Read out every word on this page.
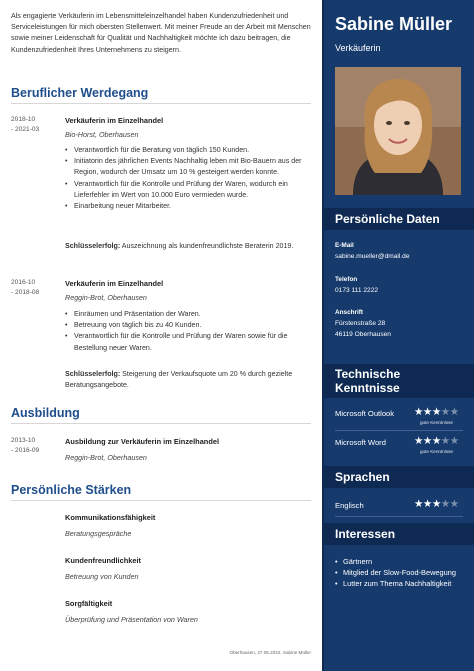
Als engagierte Verkäuferin im Lebensmitteleinzelhandel haben Kundenzufriedenheit und Serviceleistungen für mich obersten Stellenwert. Mit meiner Freude an der Arbeit mit Menschen sowie meiner Leidenschaft für Qualität und Nachhaltigkeit möchte ich dazu beitragen, die Kundenzufriedenheit Ihres Unternehmens zu steigern.
Beruflicher Werdegang
2018-10
- 2021-03
Verkäuferin im Einzelhandel
Bio-Horst, Oberhausen
• Verantwortlich für die Beratung von täglich 150 Kunden.
• Initiatorin des jährlichen Events Nachhaltig leben mit Bio-Bauern aus der Region, wodurch der Umsatz um 10 % gesteigert werden konnte.
• Verantwortlich für die Kontrolle und Prüfung der Waren, wodurch ein Lieferfehler im Wert von 10.000 Euro vermieden wurde.
• Einarbeitung neuer Mitarbeiter.
Schlüsselerfolg: Auszeichnung als kundenfreundlichste Beraterin 2019.
2016-10
- 2018-08
Verkäuferin im Einzelhandel
Reggin-Brot, Oberhausen
• Einräumen und Präsentation der Waren.
• Betreuung von täglich bis zu 40 Kunden.
• Verantwortlich für die Kontrolle und Prüfung der Waren sowie für die Bestellung neuer Waren.
Schlüsselerfolg: Steigerung der Verkaufsquote um 20 % durch gezielte Beratungsangebote.
Ausbildung
2013-10
- 2016-09
Ausbildung zur Verkäuferin im Einzelhandel
Reggin-Brot, Oberhausen
Persönliche Stärken
Kommunikationsfähigkeit
Beratungsgespräche
Kundenfreundlichkeit
Betreuung von Kunden
Sorgfältigkeit
Überprüfung und Präsentation von Waren
Oberhausen, 27.05.2022, Sabine Müller
Sabine Müller
Verkäuferin
Persönliche Daten
E-Mail
sabine.mueller@dmail.de
Telefon
0173 111 2222
Anschrift
Fürstenstraße 28
46119 Oberhausen
Technische Kenntnisse
Microsoft Outlook ★★★★★
gute Kenntnisse
Microsoft Word	★★★★★
gute Kenntnisse
Sprachen
Englisch	★★★★★
Interessen
• Gärtnern
• Mitglied der Slow-Food-Bewegung
• Lutter zum Thema Nachhaltigkeit
